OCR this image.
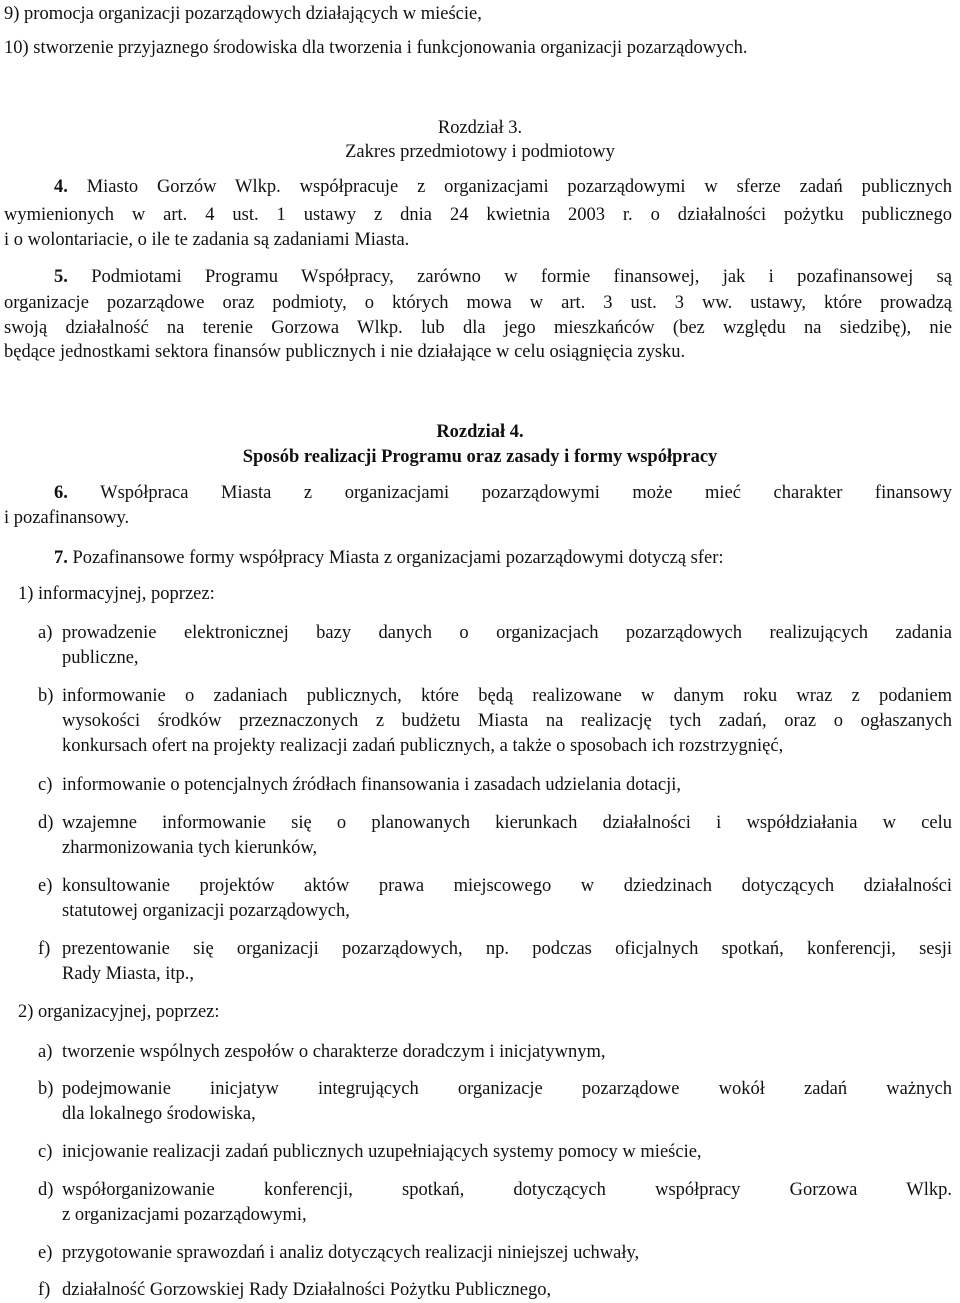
9) promocja organizacji pozarządowych działających w mieście,
10) stworzenie przyjaznego środowiska dla tworzenia i funkcjonowania organizacji pozarządowych.
Rozdział 3.
Zakres przedmiotowy i podmiotowy
4. Miasto Gorzów Wlkp. współpracuje z organizacjami pozarządowymi w sferze zadań publicznych
wymienionych w art. 4 ust. 1 ustawy z dnia 24 kwietnia 2003 r. o działalności pożytku publicznego
i o wolontariacie, o ile te zadania są zadaniami Miasta.
5. Podmiotami Programu Współpracy, zarówno w formie finansowej, jak i pozafinansowej są
organizacje pozarządowe oraz podmioty, o których mowa w art. 3 ust. 3 ww. ustawy, które prowadzą
swoją działalność na terenie Gorzowa Wlkp. lub dla jego mieszkańców (bez względu na siedzibę), nie
będące jednostkami sektora finansów publicznych i nie działające w celu osiągnięcia zysku.
Rozdział 4.
Sposób realizacji Programu oraz zasady i formy współpracy
6. Współpraca Miasta z organizacjami pozarządowymi może mieć charakter finansowy
i pozafinansowy.
7. Pozafinansowe formy współpracy Miasta z organizacjami pozarządowymi dotyczą sfer:
1) informacyjnej, poprzez:
a) prowadzenie elektronicznej bazy danych o organizacjach pozarządowych realizujących zadania
publiczne,
b) informowanie o zadaniach publicznych, które będą realizowane w danym roku wraz z podaniem
wysokości środków przeznaczonych z budżetu Miasta na realizację tych zadań, oraz o ogłaszanych
konkursach ofert na projekty realizacji zadań publicznych, a także o sposobach ich rozstrzygnięć,
c) informowanie o potencjalnych źródłach finansowania i zasadach udzielania dotacji,
d) wzajemne informowanie się o planowanych kierunkach działalności i współdziałania w celu
zharmonizowania tych kierunków,
e) konsultowanie projektów aktów prawa miejscowego w dziedzinach dotyczących działalności
statutowej organizacji pozarządowych,
f) prezentowanie się organizacji pozarządowych, np. podczas oficjalnych spotkań, konferencji, sesji
Rady Miasta, itp.,
2) organizacyjnej, poprzez:
a) tworzenie wspólnych zespołów o charakterze doradczym i inicjatywnym,
b) podejmowanie inicjatyw integrujących organizacje pozarządowe wokół zadań ważnych
dla lokalnego środowiska,
c) inicjowanie realizacji zadań publicznych uzupełniających systemy pomocy w mieście,
d) współorganizowanie konferencji, spotkań, dotyczących współpracy Gorzowa Wlkp.
z organizacjami pozarządowymi,
e) przygotowanie sprawozdań i analiz dotyczących realizacji niniejszej uchwały,
f) działalność Gorzowskiej Rady Działalności Pożytku Publicznego,
